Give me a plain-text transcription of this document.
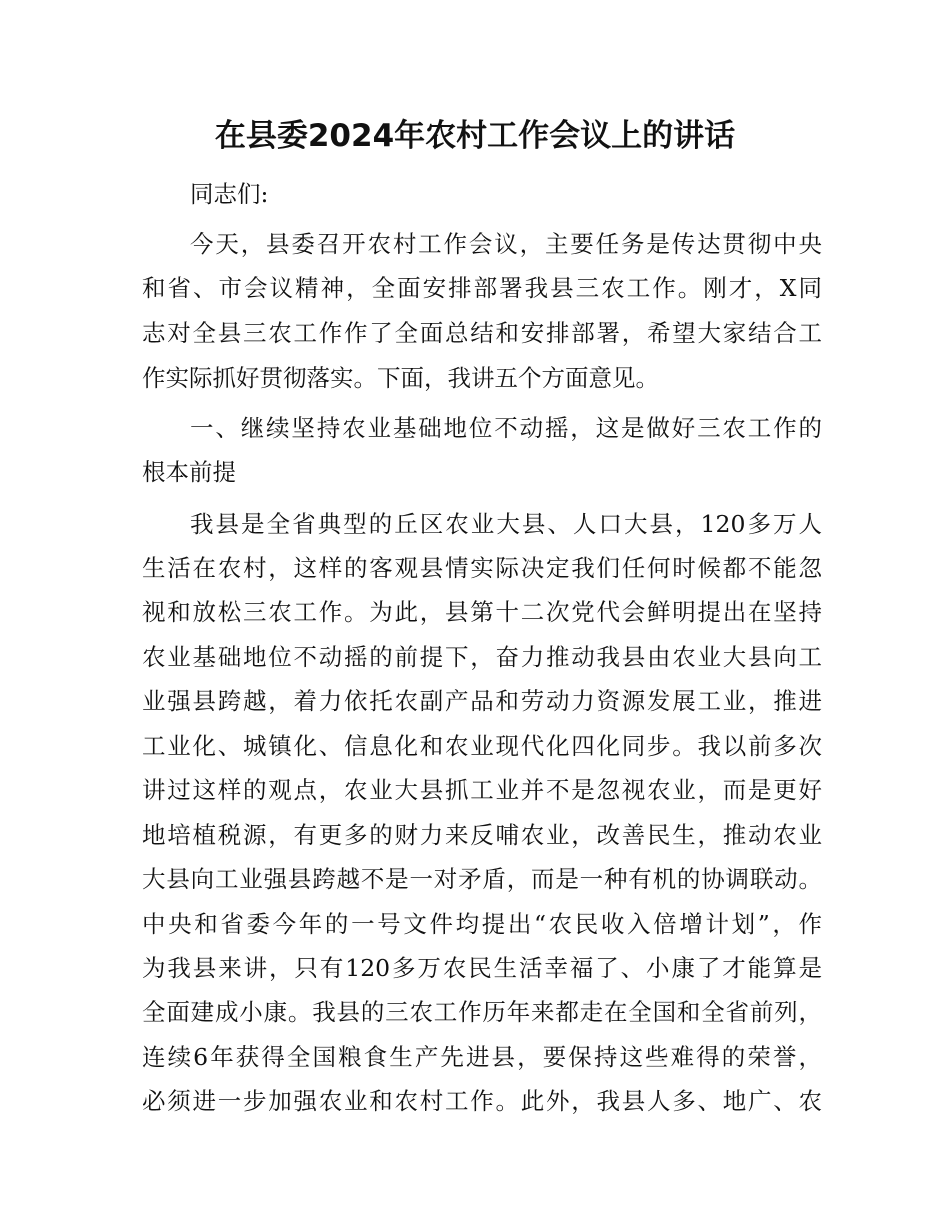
在县委2024年农村工作会议上的讲话
同志们:
今天，县委召开农村工作会议，主要任务是传达贯彻中央
和省、市会议精神，全面安排部署我县三农工作。刚才，X同
志对全县三农工作作了全面总结和安排部署，希望大家结合工
作实际抓好贯彻落实。下面，我讲五个方面意见。
一、继续坚持农业基础地位不动摇，这是做好三农工作的
根本前提
我县是全省典型的丘区农业大县、人口大县，120多万人
生活在农村，这样的客观县情实际决定我们任何时候都不能忽
视和放松三农工作。为此，县第十二次党代会鲜明提出在坚持
农业基础地位不动摇的前提下，奋力推动我县由农业大县向工
业强县跨越，着力依托农副产品和劳动力资源发展工业，推进
工业化、城镇化、信息化和农业现代化四化同步。我以前多次
讲过这样的观点，农业大县抓工业并不是忽视农业，而是更好
地培植税源，有更多的财力来反哺农业，改善民生，推动农业
大县向工业强县跨越不是一对矛盾，而是一种有机的协调联动。
中央和省委今年的一号文件均提出“农民收入倍增计划”，作
为我县来讲，只有120多万农民生活幸福了、小康了才能算是
全面建成小康。我县的三农工作历年来都走在全国和全省前列，
连续6年获得全国粮食生产先进县，要保持这些难得的荣誉，
必须进一步加强农业和农村工作。此外，我县人多、地广、农
